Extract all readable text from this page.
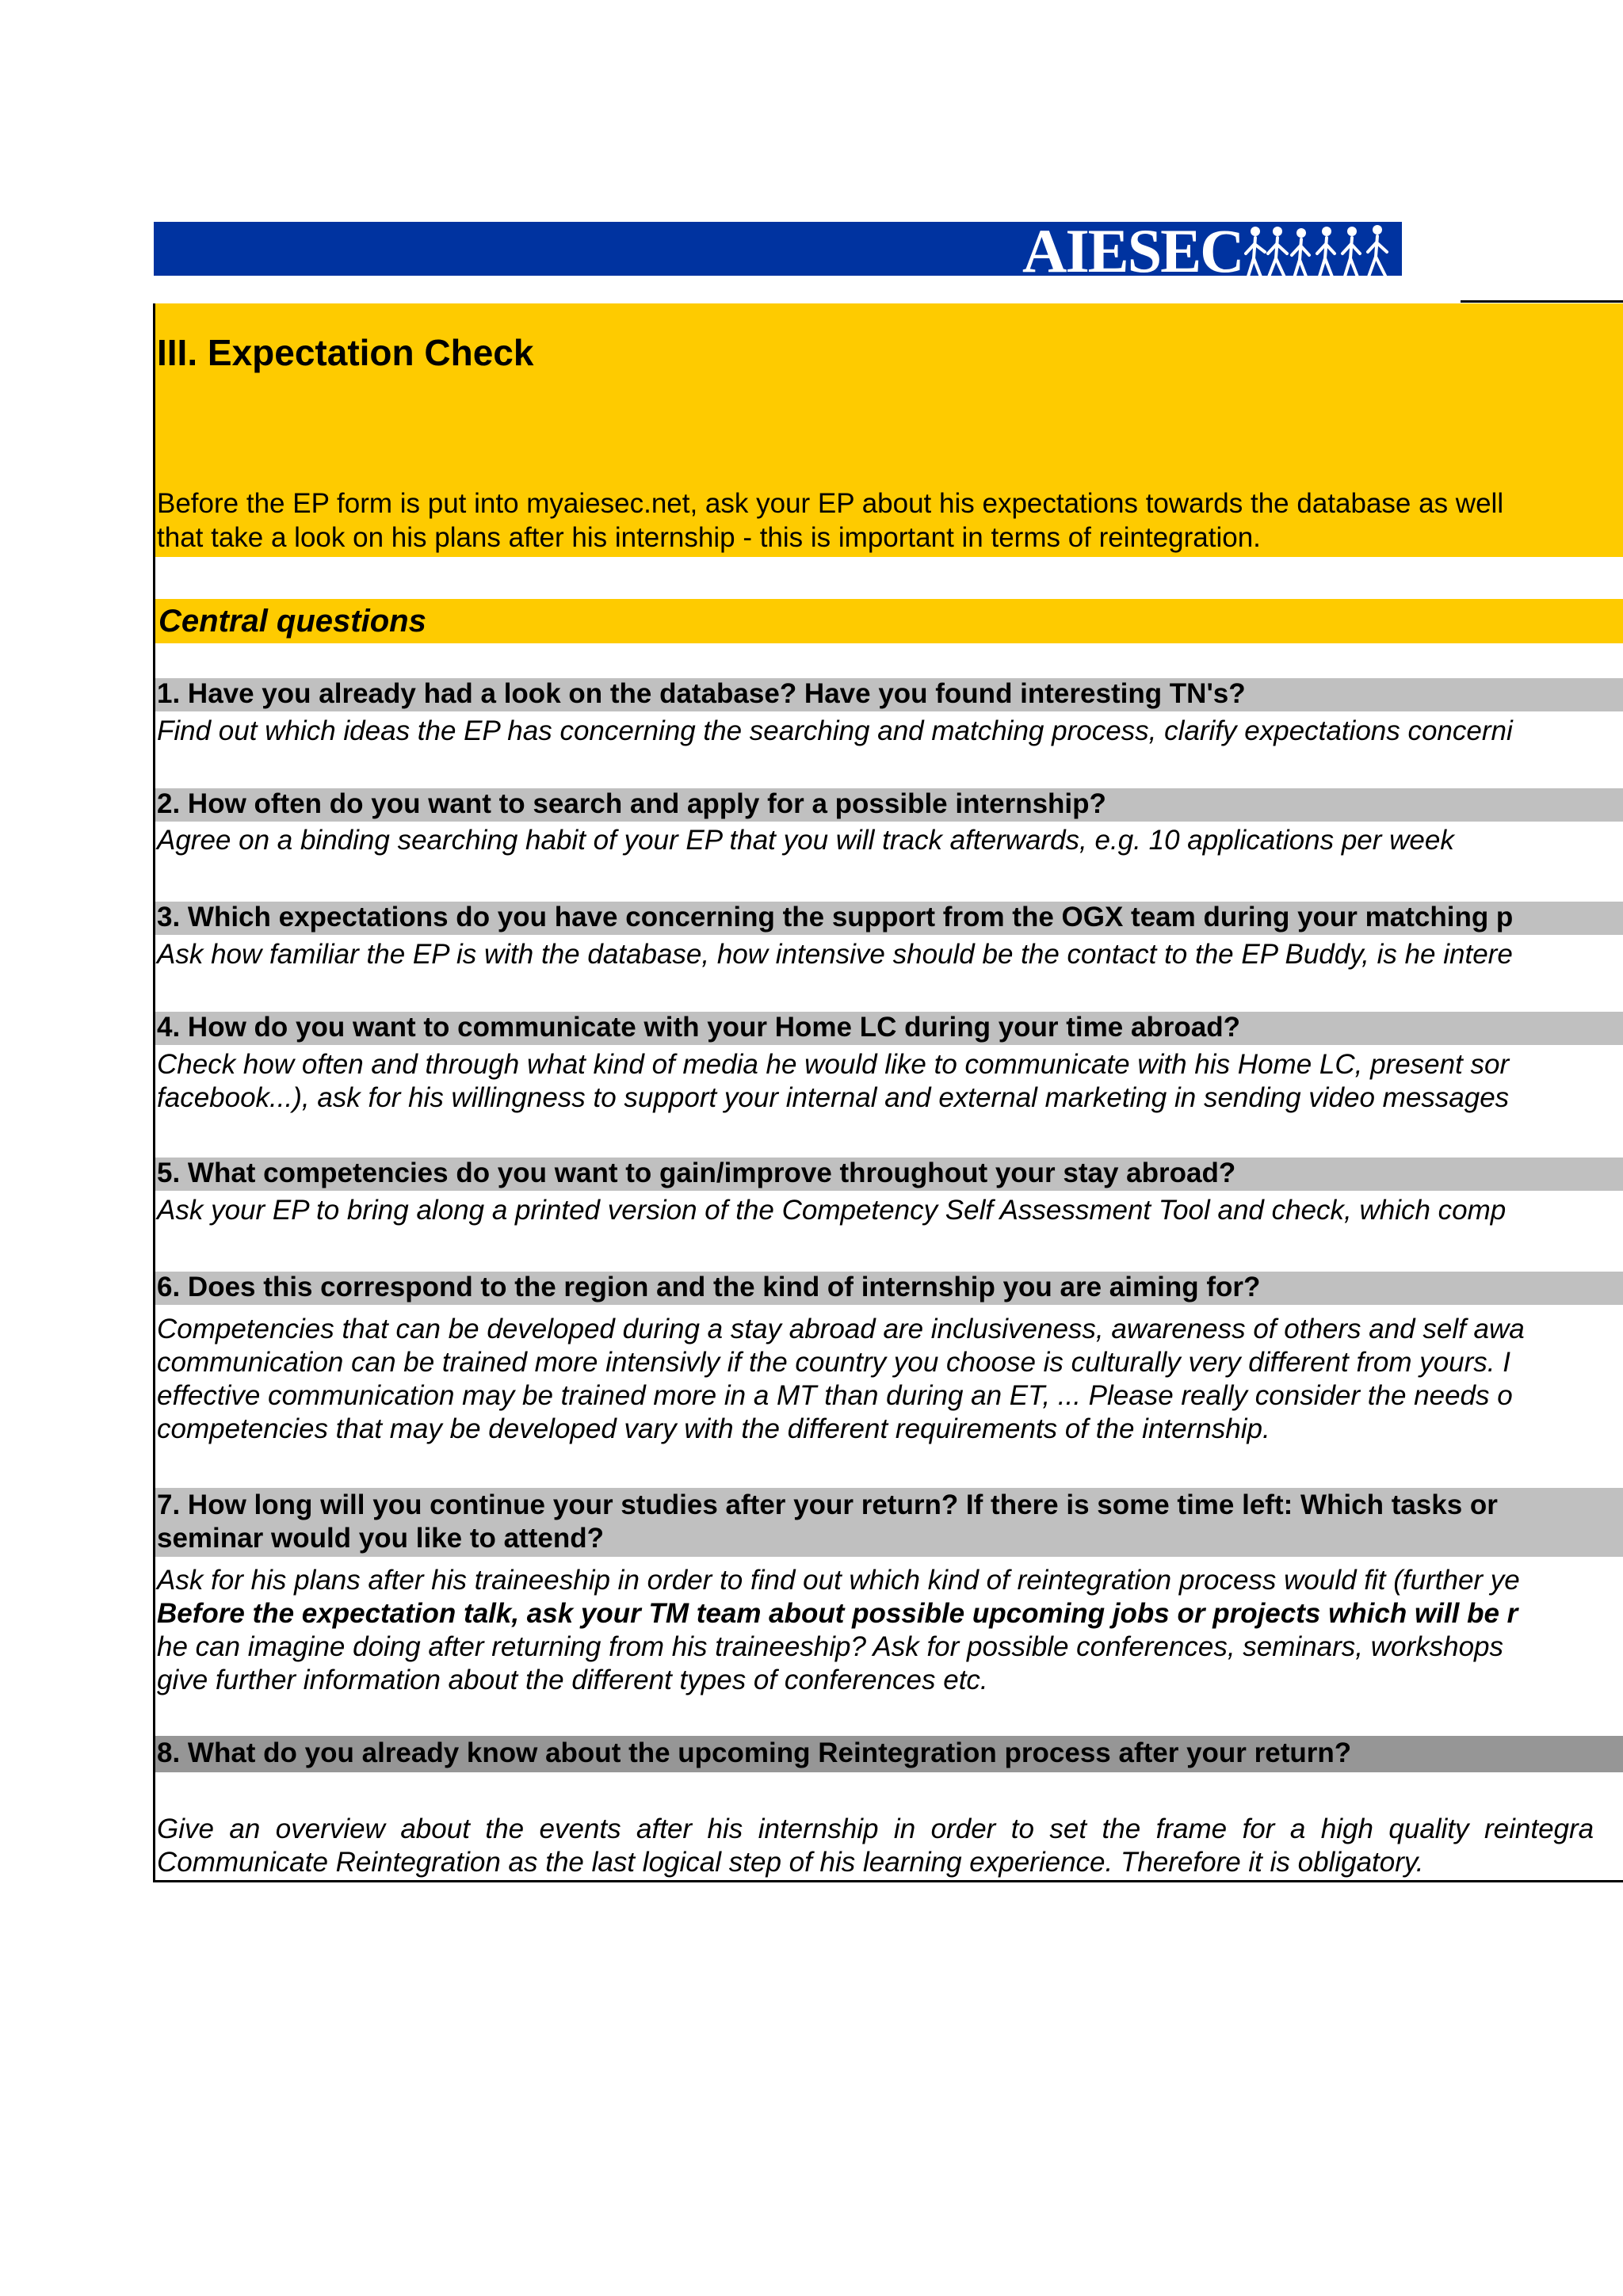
AIESEC
III. Expectation Check
Before the EP form is put into myaiesec.net, ask your EP about his expectations towards the database as well
that take a look on his plans after his internship - this is important in terms of reintegration.
Central questions
1. Have you already had a look on the database? Have you found interesting TN's?
Find out which ideas the EP has concerning the searching and matching process, clarify expectations concerni
2. How often do you want to search and apply for a possible internship?
Agree on a binding searching habit of your EP that you will track afterwards, e.g. 10 applications per week
3. Which expectations do you have concerning the support from the OGX team during your matching p
Ask how familiar the EP is with the database, how intensive should be the contact to the EP Buddy, is he intere
4. How do you want to communicate with your Home LC during your time abroad?
Check how often and through what kind of media he would like to communicate with his Home LC, present sor
facebook...), ask for his willingness to support your internal and external marketing in sending video messages
5. What competencies do you want to gain/improve throughout your stay abroad?
Ask your EP to bring along a printed version of the Competency Self Assessment Tool and check, which comp
6. Does this correspond to the region and the kind of internship you are aiming for?
Competencies that can be developed during a stay abroad are inclusiveness, awareness of others and self awa
communication can be trained more intensivly if the country you choose is culturally very different from yours. I
effective communication may be trained more in a MT than during an ET, ... Please really consider the needs o
competencies that may be developed vary with the different requirements of the internship.
7. How long will you continue your studies after your return? If there is some time left: Which tasks or
seminar would you like to attend?
Ask for his plans after his traineeship in order to find out which kind of reintegration process would fit (further ye
Before the expectation talk, ask your TM team about possible upcoming jobs or projects which will be r
he can imagine doing after returning from his traineeship? Ask for possible conferences, seminars, workshops
give further information about the different types of conferences etc.
8. What do you already know about the upcoming Reintegration process after your return?
Give  an  overview  about  the  events  after  his  internship  in  order  to  set  the  frame  for  a  high  quality  reintegra
Communicate Reintegration as the last logical step of his learning experience. Therefore it is obligatory.
